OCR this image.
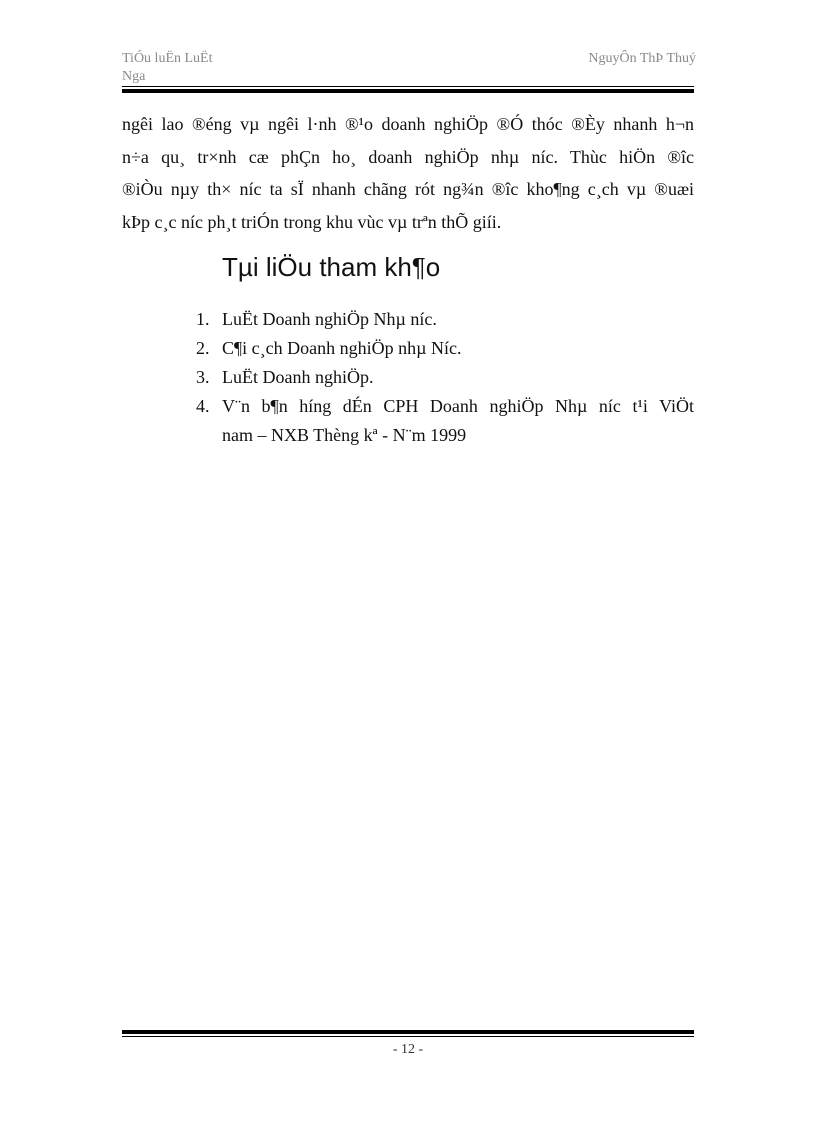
TiÓu luËn LuËt
Nga
NguyÔn ThÞ Thuý
ngêi lao ®éng vµ ngêi l·nh ®¹o doanh nghiÖp ®Ó thóc ®Èy nhanh h¬n
n÷a qu¸ tr×nh cæ phÇn ho¸ doanh nghiÖp nhµ níc. Thùc hiÖn ®îc
®iÒu nµy th× níc ta sÏ nhanh chãng rót ng¾n ®îc kho¶ng c¸ch vµ ®uæi
kÞp c¸c níc ph¸t triÓn trong khu vùc vµ trªn thÕ giíi.
Tµi liÖu tham kh¶o
1. LuËt Doanh nghiÖp Nhµ níc.
2. C¶i c¸ch Doanh nghiÖp nhµ Níc.
3. LuËt Doanh nghiÖp.
4. V¨n b¶n híng dÉn CPH Doanh nghiÖp Nhµ níc t¹i ViÖt
nam – NXB Thèng kª - N¨m 1999
- 12 -
